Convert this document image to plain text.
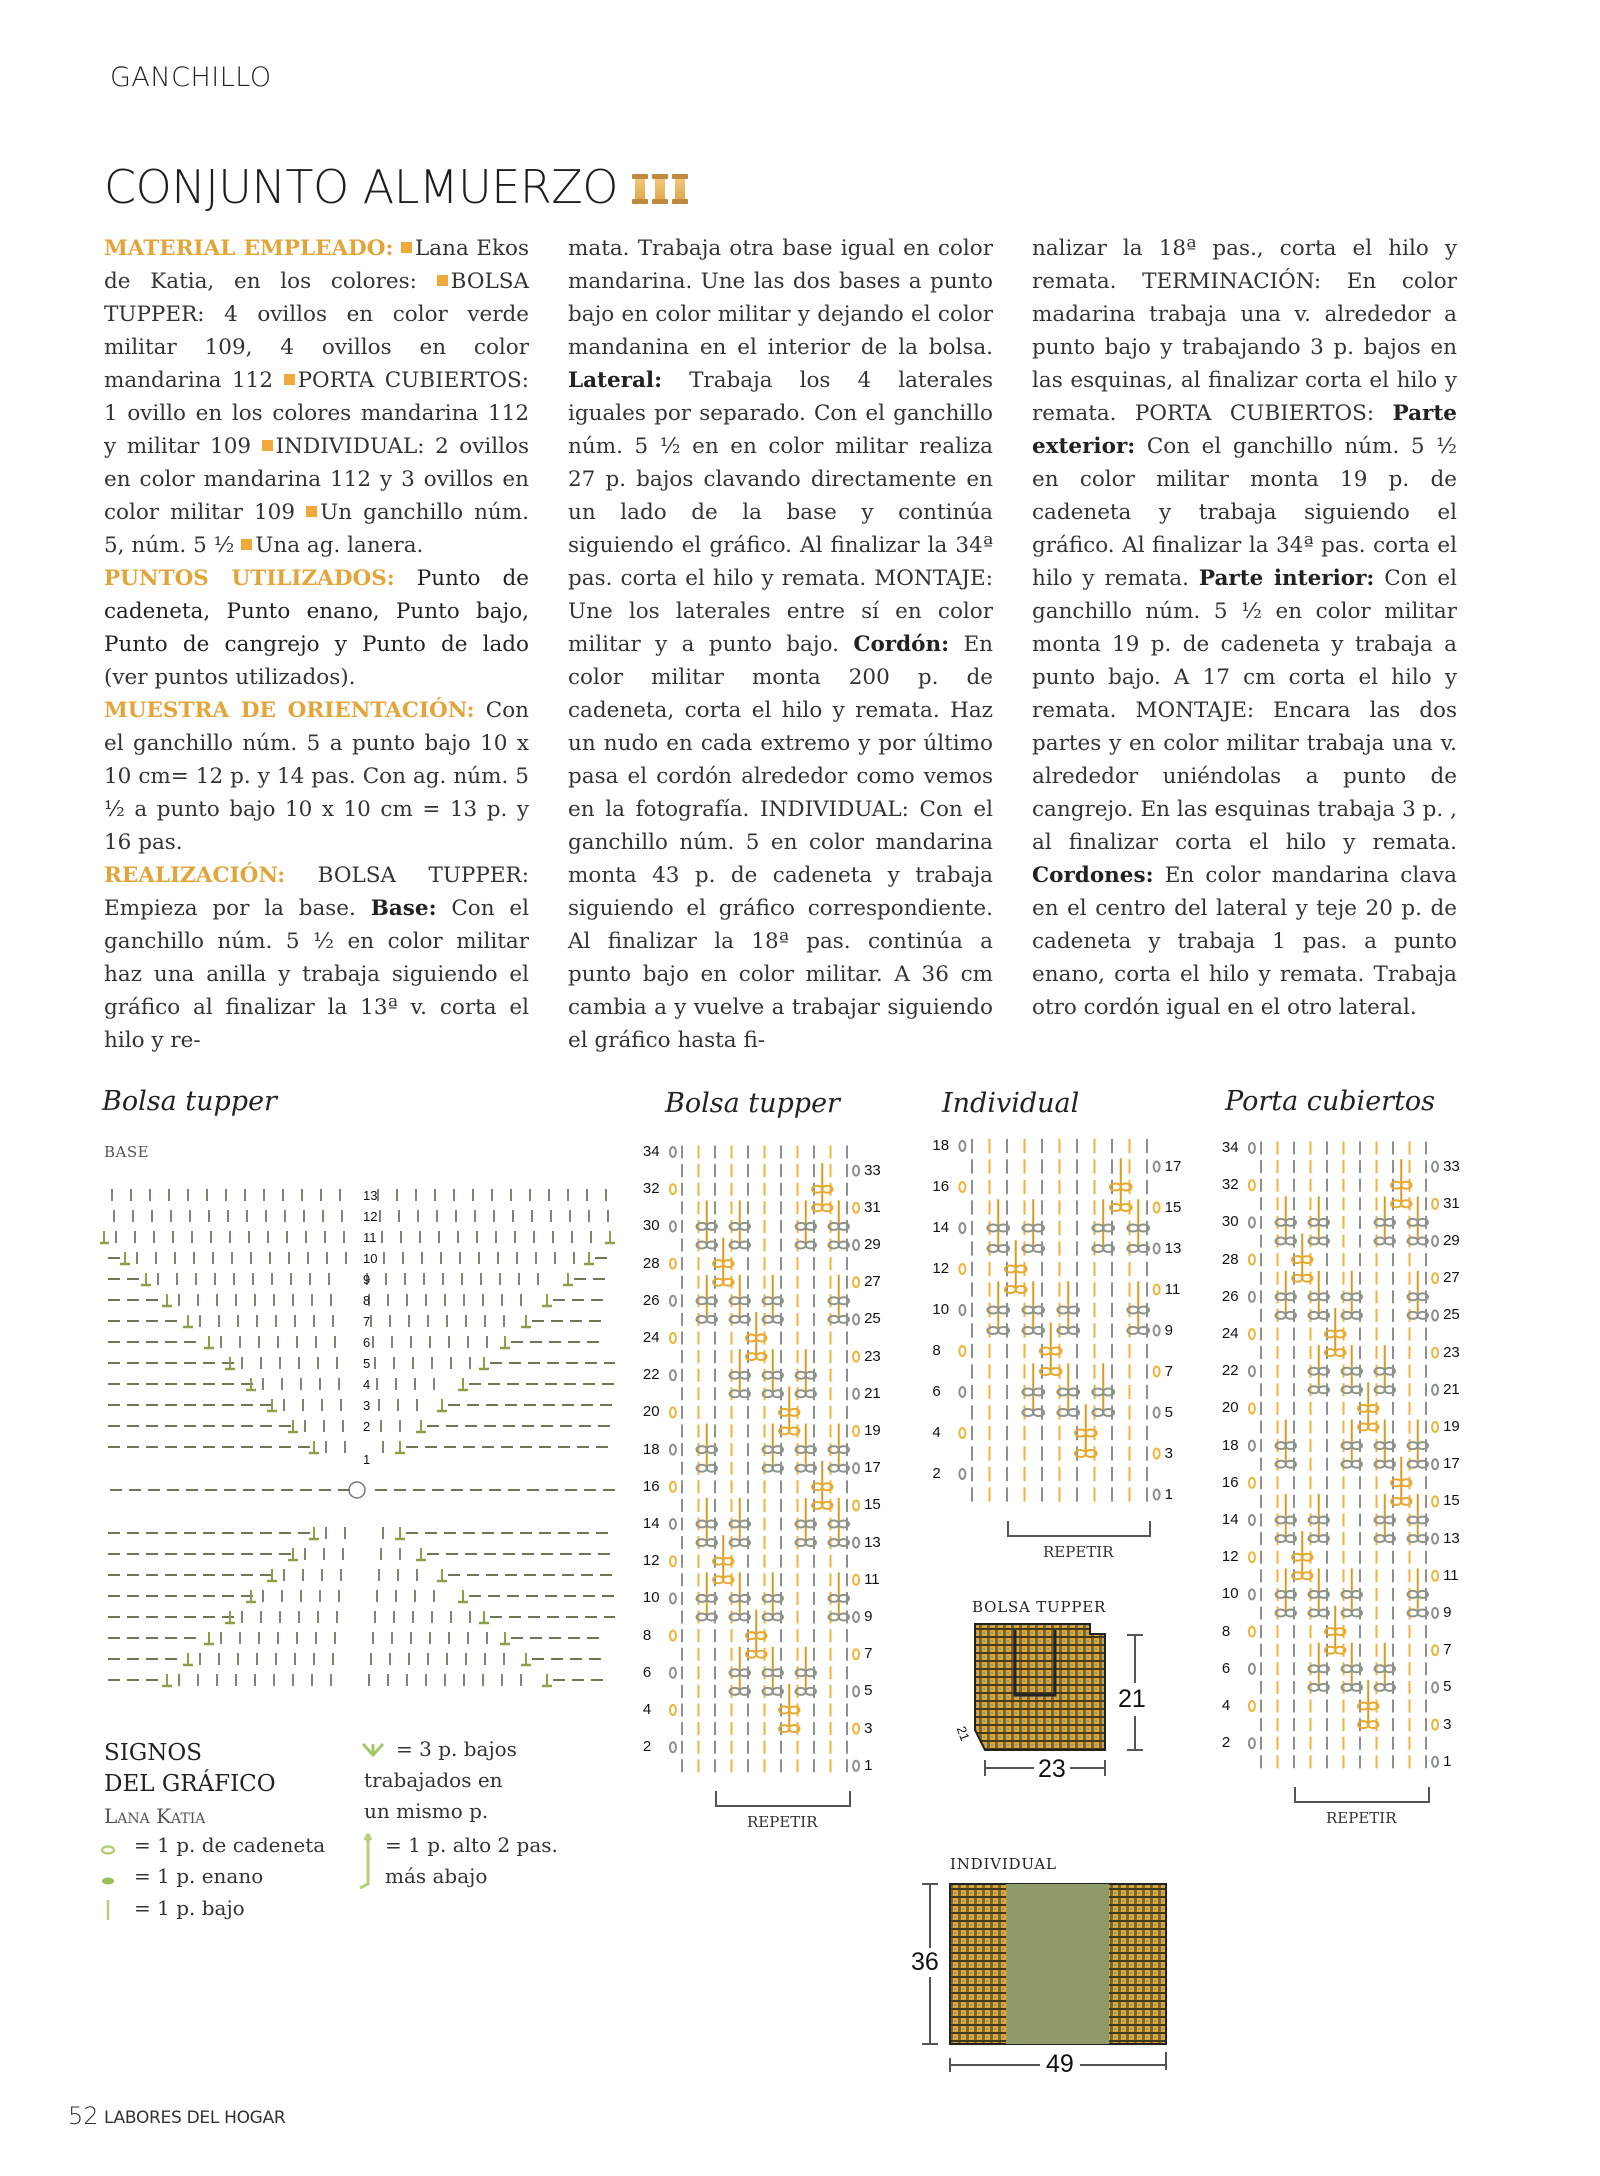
GANCHILLO
CONJUNTO ALMUERZO

MATERIAL EMPLEADO: Lana Ekos de Katia, en los colores: BOLSA TUPPER: 4 ovillos en color verde militar 109, 4 ovillos en color mandarina 112 PORTA CUBIERTOS: 1 ovillo en los colores mandarina 112 y militar 109 INDIVIDUAL: 2 ovillos en color mandarina 112 y 3 ovillos en color militar 109 Un ganchillo núm. 5, núm. 5 ½ Una ag. lanera.

PUNTOS UTILIZADOS: Punto de cadeneta, Punto enano, Punto bajo, Punto de cangrejo y Punto de lado (ver puntos utilizados).

MUESTRA DE ORIENTACIÓN: Con el ganchillo núm. 5 a punto bajo 10 x 10 cm= 12 p. y 14 pas. Con ag. núm. 5 ½ a punto bajo 10 x 10 cm = 13 p. y 16 pas.

REALIZACIÓN: BOLSA TUPPER: Empieza por la base. Base: Con el ganchillo núm. 5 ½ en color militar haz una anilla y trabaja siguiendo el gráfico al finalizar la 13ª v. corta el hilo y re-

mata. Trabaja otra base igual en color mandarina. Une las dos bases a punto bajo en color militar y dejando el color mandanina en el interior de la bolsa. Lateral: Trabaja los 4 laterales iguales por separado. Con el ganchillo núm. 5 ½ en en color militar realiza 27 p. bajos clavando directamente en un lado de la base y continúa siguiendo el gráfico. Al finalizar la 34ª pas. corta el hilo y remata. MONTAJE: Une los laterales entre sí en color militar y a punto bajo. Cordón: En color militar monta 200 p. de cadeneta, corta el hilo y remata. Haz un nudo en cada extremo y por último pasa el cordón alrededor como vemos en la fotografía. INDIVIDUAL: Con el ganchillo núm. 5 en color mandarina monta 43 p. de cadeneta y trabaja siguiendo el gráfico correspondiente. Al finalizar la 18ª pas. continúa a punto bajo en color militar. A 36 cm cambia a y vuelve a trabajar siguiendo el gráfico hasta fi-

nalizar la 18ª pas., corta el hilo y remata. TERMINACIÓN: En color madarina trabaja una v. alrededor a punto bajo y trabajando 3 p. bajos en las esquinas, al finalizar corta el hilo y remata. PORTA CUBIERTOS: Parte exterior: Con el ganchillo núm. 5 ½ en color militar monta 19 p. de cadeneta y trabaja siguiendo el gráfico. Al finalizar la 34ª pas. corta el hilo y remata. Parte interior: Con el ganchillo núm. 5 ½ en color militar monta 19 p. de cadeneta y trabaja a punto bajo. A 17 cm corta el hilo y remata. MONTAJE: Encara las dos partes y en color militar trabaja una v. alrededor uniéndolas a punto de cangrejo. En las esquinas trabaja 3 p. , al finalizar corta el hilo y remata. Cordones: En color mandarina clava en el centro del lateral y teje 20 p. de cadeneta y trabaja 1 pas. a punto enano, corta el hilo y remata. Trabaja otro cordón igual en el otro lateral.

Bolsa tupper
BASE
1
2
3
4
5
6
7
8
9
10
11
12
13
Bolsa tupper
34
32
30
28
26
24
22
20
18
16
14
12
10
8
6
4
2
33
31
29
27
25
23
21
19
17
15
13
11
9
7
5
3
1
REPETIR
Individual
18
16
14
12
10
8
6
4
2
17
15
13
11
9
7
5
3
1
REPETIR
Porta cubiertos
34
32
30
28
26
24
22
20
18
16
14
12
10
8
6
4
2
33
31
29
27
25
23
21
19
17
15
13
11
9
7
5
3
1
REPETIR
BOLSA TUPPER
21
23
21
INDIVIDUAL
36
49
SIGNOS
DEL GRÁFICO
Lana Katia
= 1 p. de cadeneta
= 1 p. enano
= 1 p. bajo
= 3 p. bajos
trabajados en
un mismo p.
= 1 p. alto 2 pas.
más abajo
52 LABORES DEL HOGAR
